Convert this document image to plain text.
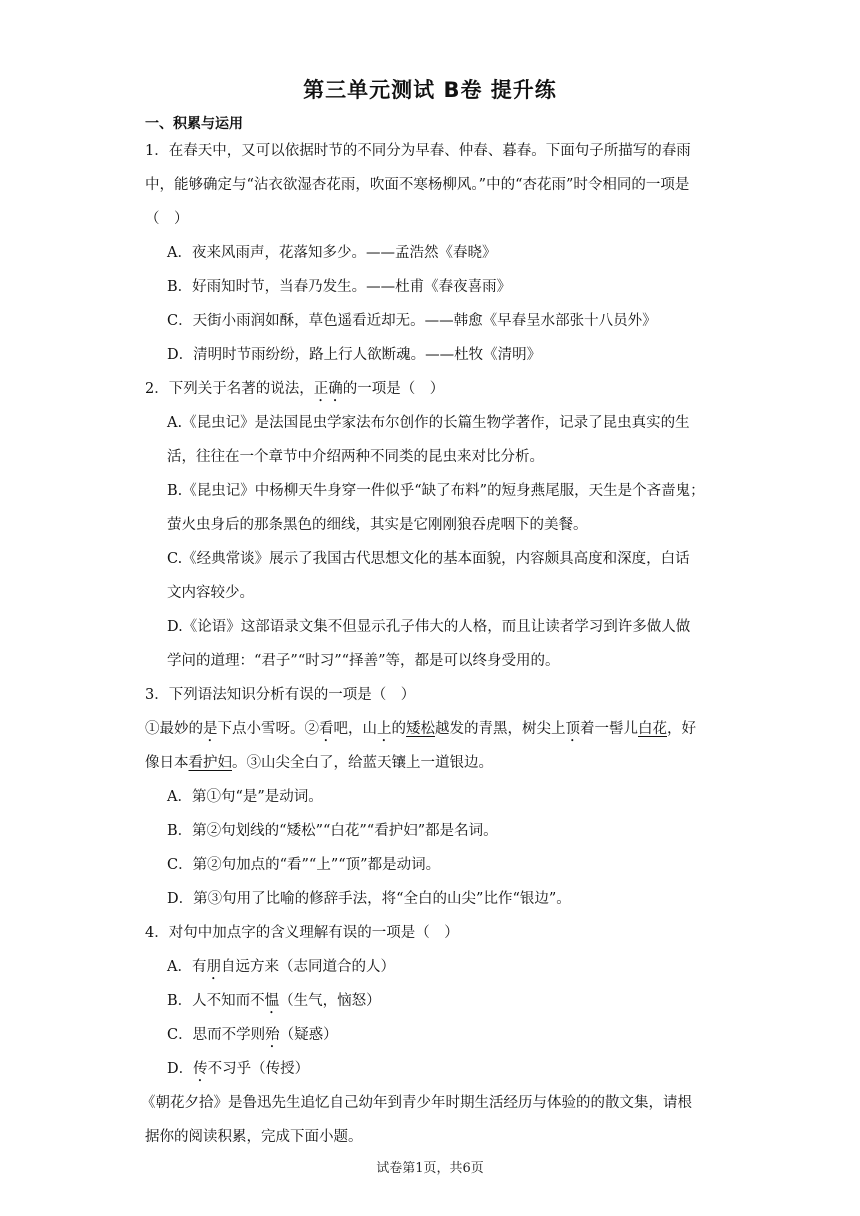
第三单元测试 B卷 提升练
一、积累与运用
1．在春天中，又可以依据时节的不同分为早春、仲春、暮春。下面句子所描写的春雨
中，能够确定与“沾衣欲湿杏花雨，吹面不寒杨柳风。”中的“杏花雨”时令相同的一项是
（　）
A．夜来风雨声，花落知多少。——孟浩然《春晓》
B．好雨知时节，当春乃发生。——杜甫《春夜喜雨》
C．天街小雨润如酥，草色遥看近却无。——韩愈《早春呈水部张十八员外》
D．清明时节雨纷纷，路上行人欲断魂。——杜牧《清明》
2．下列关于名著的说法，正确的一项是（　）
A.《昆虫记》是法国昆虫学家法布尔创作的长篇生物学著作，记录了昆虫真实的生
活，往往在一个章节中介绍两种不同类的昆虫来对比分析。
B.《昆虫记》中杨柳天牛身穿一件似乎“缺了布料”的短身燕尾服，天生是个吝啬鬼；
萤火虫身后的那条黑色的细线，其实是它刚刚狼吞虎咽下的美餐。
C.《经典常谈》展示了我国古代思想文化的基本面貌，内容颇具高度和深度，白话
文内容较少。
D.《论语》这部语录文集不但显示孔子伟大的人格，而且让读者学习到许多做人做
学问的道理：“君子”“时习”“择善”等，都是可以终身受用的。
3．下列语法知识分析有误的一项是（　）
①最妙的是下点小雪呀。②看吧，山上的矮松越发的青黑，树尖上顶着一髻儿白花，好
像日本看护妇。③山尖全白了，给蓝天镶上一道银边。
A．第①句“是”是动词。
B．第②句划线的“矮松”“白花”“看护妇”都是名词。
C．第②句加点的“看”“上”“顶”都是动词。
D．第③句用了比喻的修辞手法，将“全白的山尖”比作“银边”。
4．对句中加点字的含义理解有误的一项是（　）
A．有朋自远方来（志同道合的人）
B．人不知而不愠（生气，恼怒）
C．思而不学则殆（疑惑）
D．传不习乎（传授）
《朝花夕拾》是鲁迅先生追忆自己幼年到青少年时期生活经历与体验的的散文集，请根
据你的阅读积累，完成下面小题。
试卷第1页，共6页
